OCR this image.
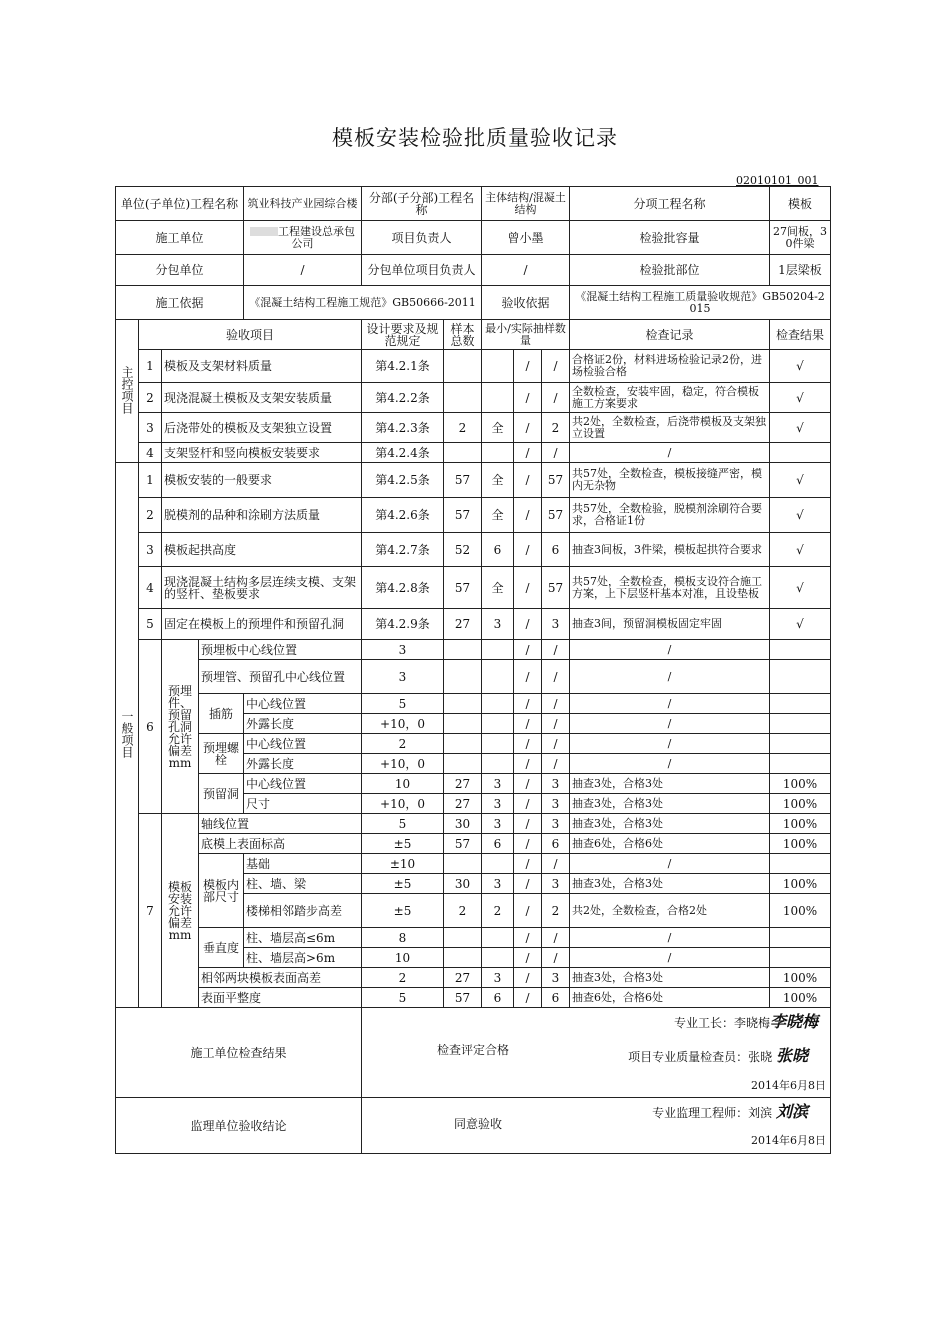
模板安装检验批质量验收记录
02010101_001
单位(子单位)工程名称				筑业科技产业园综合楼	分部(子分部)工程名称		主体结构/混凝土结构			分项工程名称	模板
施工单位				工程建设总承包公司	项目负责人		曾小墨			检验批容量	27间板，30件梁
分包单位				/	分包单位项目负责人		/			检验批部位	1层梁板
施工依据				《混凝土结构工程施工规范》GB50666-2011			验收依据			《混凝土结构工程施工质量验收规范》GB50204-2015	
主控项目	验收项目				设计要求及规范规定	样本总数	最小/实际抽样数量			检查记录	检查结果
	1	模板及支架材料质量			第4.2.1条			/	/	合格证2份，材料进场检验记录2份，进场检验合格	√
	2	现浇混凝土模板及支架安装质量			第4.2.2条			/	/	全数检查，安装牢固，稳定，符合模板施工方案要求	√
	3	后浇带处的模板及支架独立设置			第4.2.3条	2	全	/	2	共2处，全数检查，后浇带模板及支架独立设置	√
	4	支架竖杆和竖向模板安装要求			第4.2.4条			/	/	/	
一般项目	1	模板安装的一般要求			第4.2.5条	57	全	/	57	共57处，全数检查，模板接缝严密，模内无杂物	√
	2	脱模剂的品种和涂刷方法质量			第4.2.6条	57	全	/	57	共57处，全数检验，脱模剂涂刷符合要求，合格证1份	√
	3	模板起拱高度			第4.2.7条	52	6	/	6	抽查3间板，3件梁，模板起拱符合要求	√
	4	现浇混凝土结构多层连续支模、支架的竖杆、垫板要求			第4.2.8条	57	全	/	57	共57处，全数检查，模板支设符合施工方案，上下层竖杆基本对准，且设垫板	√
	5	固定在模板上的预埋件和预留孔洞			第4.2.9条	27	3	/	3	抽查3间，预留洞模板固定牢固	√
	6	预埋件、预留孔洞允许偏差mm	预埋板中心线位置		3			/	/	/	
			预埋管、预留孔中心线位置		3			/	/	/	
			插筋	中心线位置	5			/	/	/	
				外露长度	+10，0			/	/	/	
			预埋螺栓	中心线位置	2			/	/	/	
				外露长度	+10，0			/	/	/	
			预留洞	中心线位置	10	27	3	/	3	抽查3处，合格3处	100%
				尺寸	+10，0	27	3	/	3	抽查3处，合格3处	100%
	7	模板安装允许偏差mm	轴线位置		5	30	3	/	3	抽查3处，合格3处	100%
			底模上表面标高		±5	57	6	/	6	抽查6处，合格6处	100%
			模板内部尺寸	基础	±10			/	/	/	
				柱、墙、梁	±5	30	3	/	3	抽查3处，合格3处	100%
				楼梯相邻踏步高差	±5	2	2	/	2	共2处，全数检查，合格2处	100%
			垂直度	柱、墙层高≤6m	8			/	/	/	
				柱、墙层高>6m	10			/	/	/	
			相邻两块模板表面高差		2	27	3	/	3	抽查3处，合格3处	100%
			表面平整度		5	57	6	/	6	抽查6处，合格6处	100%
施工单位检查结果					检查评定合格
专业工长：李晓梅李晓梅
项目专业质量检查员：张晓 张晓
2014年6月8日						

监理单位验收结论					同意验收
专业监理工程师：刘滨 刘滨
2014年6月8日						
